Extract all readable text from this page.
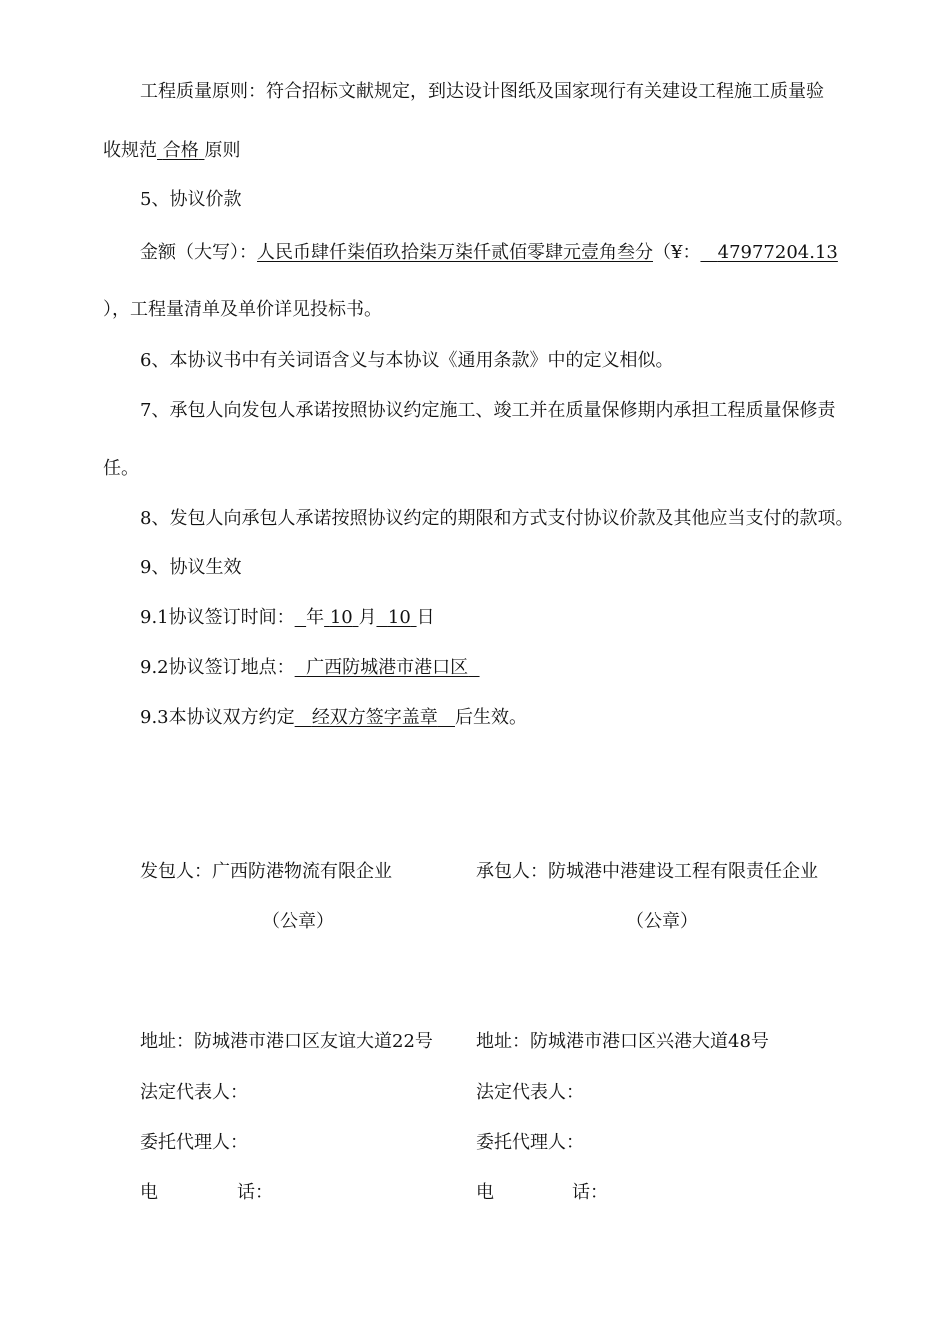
工程质量原则：符合招标文献规定，到达设计图纸及国家现行有关建设工程施工质量验
收规范 合格 原则
5、协议价款
金额（大写）：人民币肆仟柒佰玖拾柒万柒仟贰佰零肆元壹角叁分（¥： 47977204.13
），工程量清单及单价详见投标书。
6、本协议书中有关词语含义与本协议《通用条款》中的定义相似。
7、承包人向发包人承诺按照协议约定施工、竣工并在质量保修期内承担工程质量保修责
任。
8、发包人向承包人承诺按照协议约定的期限和方式支付协议价款及其他应当支付的款项。
9、协议生效
9.1协议签订时间： 年 10 月 10 日
9.2协议签订地点： 广西防城港市港口区
9.3本协议双方约定 经双方签字盖章 后生效。
发包人：广西防港物流有限企业
（公章）
地址：防城港市港口区友谊大道22号
法定代表人：
委托代理人：
电	话：
承包人：防城港中港建设工程有限责任企业
（公章）
地址：防城港市港口区兴港大道48号
法定代表人：
委托代理人：
电	话：
